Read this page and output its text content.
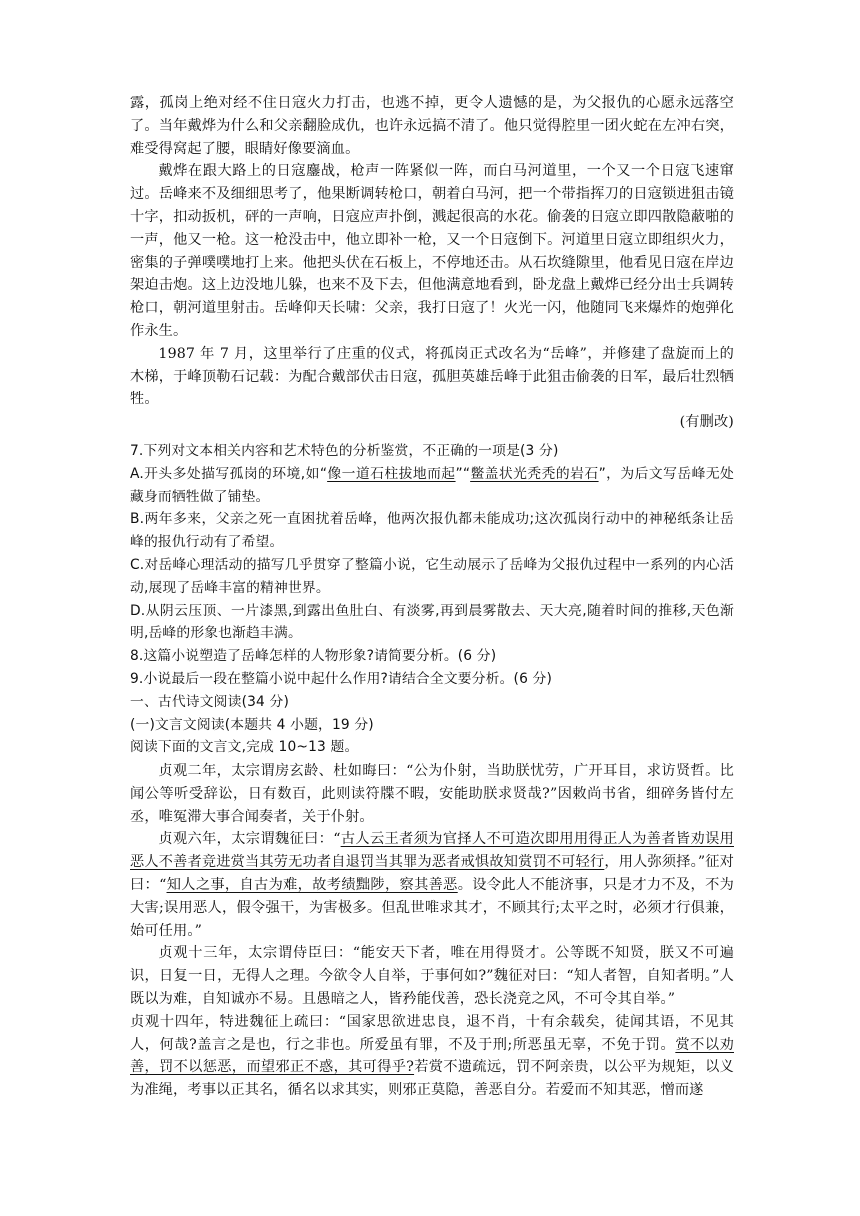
露，孤岗上绝对经不住日寇火力打击，也逃不掉，更令人遗憾的是，为父报仇的心愿永远落空了。当年戴烨为什么和父亲翻脸成仇，也许永远搞不清了。他只觉得腔里一团火蛇在左冲右突，难受得窝起了腰，眼睛好像要滴血。

戴烨在跟大路上的日寇鏖战，枪声一阵紧似一阵，而白马河道里，一个又一个日寇飞速窜过。岳峰来不及细细思考了，他果断调转枪口，朝着白马河，把一个带指挥刀的日寇锁进狙击镜十字，扣动扳机，砰的一声响，日寇应声扑倒，溅起很高的水花。偷袭的日寇立即四散隐蔽啪的一声，他又一枪。这一枪没击中，他立即补一枪，又一个日寇倒下。河道里日寇立即组织火力，密集的子弹噗噗地打上来。他把头伏在石板上，不停地还击。从石坎缝隙里，他看见日寇在岸边架迫击炮。这上边没地儿躲，也来不及下去，但他满意地看到，卧龙盘上戴烨已经分出士兵调转枪口，朝河道里射击。岳峰仰天长啸：父亲，我打日寇了！火光一闪，他随同飞来爆炸的炮弹化作永生。

1987 年 7 月，这里举行了庄重的仪式，将孤岗正式改名为“岳峰”，并修建了盘旋而上的木梯，于峰顶勒石记载：为配合戴部伏击日寇，孤胆英雄岳峰于此狙击偷袭的日军，最后壮烈牺牲。

(有删改)

7.下列对文本相关内容和艺术特色的分析鉴赏，不正确的一项是(3 分)

A.开头多处描写孤岗的环境,如“像一道石柱拔地而起”“鳖盖状光秃秃的岩石”，为后文写岳峰无处藏身而牺牲做了铺垫。

B.两年多来，父亲之死一直困扰着岳峰，他两次报仇都未能成功;这次孤岗行动中的神秘纸条让岳峰的报仇行动有了希望。

C.对岳峰心理活动的描写几乎贯穿了整篇小说，它生动展示了岳峰为父报仇过程中一系列的内心活动,展现了岳峰丰富的精神世界。

D.从阴云压顶、一片漆黑,到露出鱼肚白、有淡雾,再到晨雾散去、天大亮,随着时间的推移,天色渐明,岳峰的形象也渐趋丰满。

8.这篇小说塑造了岳峰怎样的人物形象?请简要分析。(6 分)

9.小说最后一段在整篇小说中起什么作用?请结合全文要分析。(6 分)

一、古代诗文阅读(34 分)

(一)文言文阅读(本题共 4 小题，19 分)

阅读下面的文言文,完成 10~13 题。

贞观二年，太宗谓房玄龄、杜如晦曰：“公为仆射，当助朕忧劳，广开耳目，求访贤哲。比闻公等听受辞讼，日有数百，此则读符牒不暇，安能助朕求贤哉?”因敕尚书省，细碎务皆付左丞，唯冤滞大事合闻奏者，关于仆射。

贞观六年，太宗谓魏征曰：“古人云王者须为官择人不可造次即用用得正人为善者皆劝误用恶人不善者竞进赏当其劳无功者自退罚当其罪为恶者戒惧故知赏罚不可轻行，用人弥须择。”征对曰：“知人之事，自古为难，故考绩黜陟，察其善恶。设令此人不能济事，只是才力不及，不为大害;误用恶人，假令强干，为害极多。但乱世唯求其才，不顾其行;太平之时，必须才行俱兼，始可任用。”

贞观十三年，太宗谓侍臣曰：“能安天下者，唯在用得贤才。公等既不知贤，朕又不可遍识，日复一日，无得人之理。今欲令人自举，于事何如?”魏征对曰：“知人者智，自知者明。”人既以为难，自知诚亦不易。且愚暗之人，皆矜能伐善，恐长浇竞之风，不可令其自举。”

贞观十四年，特进魏征上疏曰：“国家思欲进忠良，退不肖，十有余载矣，徒闻其语，不见其人，何哉?盖言之是也，行之非也。所爱虽有罪，不及于刑;所恶虽无辜，不免于罚。赏不以劝善，罚不以惩恶，而望邪正不惑，其可得乎?若赏不遗疏远，罚不阿亲贵，以公平为规矩，以义为准绳，考事以正其名，循名以求其实，则邪正莫隐，善恶自分。若爱而不知其恶，憎而遂
